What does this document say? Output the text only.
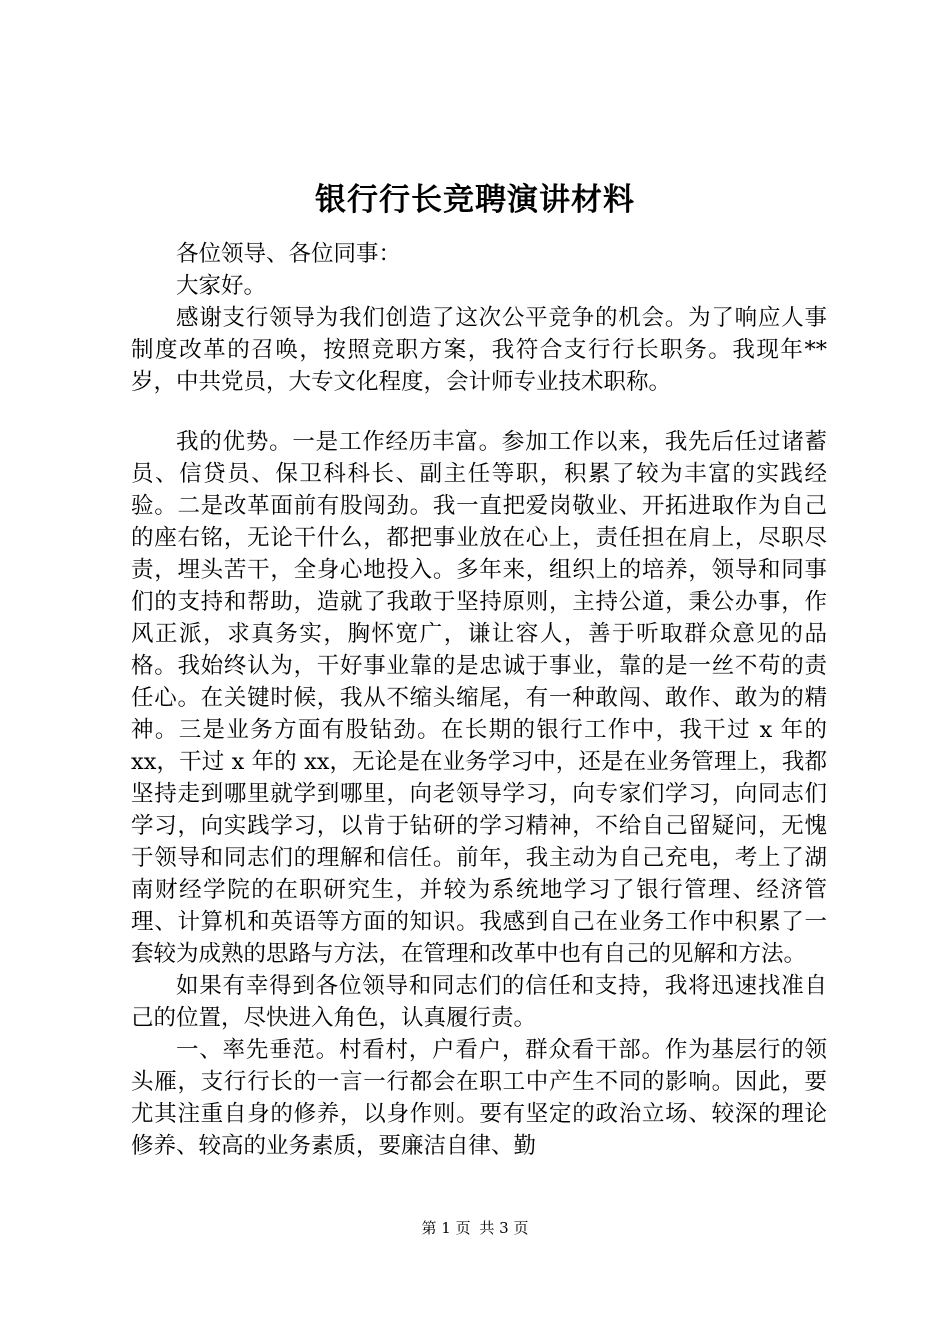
银行行长竞聘演讲材料

各位领导、各位同事：

大家好。

感谢支行领导为我们创造了这次公平竞争的机会。为了响应人事制度改革的召唤，按照竞职方案，我符合支行行长职务。我现年**岁，中共党员，大专文化程度，会计师专业技术职称。

我的优势。一是工作经历丰富。参加工作以来，我先后任过诸蓄员、信贷员、保卫科科长、副主任等职，积累了较为丰富的实践经验。二是改革面前有股闯劲。我一直把爱岗敬业、开拓进取作为自己的座右铭，无论干什么，都把事业放在心上，责任担在肩上，尽职尽责，埋头苦干，全身心地投入。多年来，组织上的培养，领导和同事们的支持和帮助，造就了我敢于坚持原则，主持公道，秉公办事，作风正派，求真务实，胸怀宽广，谦让容人，善于听取群众意见的品格。我始终认为，干好事业靠的是忠诚于事业，靠的是一丝不苟的责任心。在关键时候，我从不缩头缩尾，有一种敢闯、敢作、敢为的精神。三是业务方面有股钻劲。在长期的银行工作中，我干过 x 年的 xx，干过 x 年的 xx，无论是在业务学习中，还是在业务管理上，我都坚持走到哪里就学到哪里，向老领导学习，向专家们学习，向同志们学习，向实践学习，以肯于钻研的学习精神，不给自己留疑问，无愧于领导和同志们的理解和信任。前年，我主动为自己充电，考上了湖南财经学院的在职研究生，并较为系统地学习了银行管理、经济管理、计算机和英语等方面的知识。我感到自己在业务工作中积累了一套较为成熟的思路与方法，在管理和改革中也有自己的见解和方法。

如果有幸得到各位领导和同志们的信任和支持，我将迅速找准自己的位置，尽快进入角色，认真履行责。

一、率先垂范。村看村，户看户，群众看干部。作为基层行的领头雁，支行行长的一言一行都会在职工中产生不同的影响。因此，要尤其注重自身的修养，以身作则。要有坚定的政治立场、较深的理论修养、较高的业务素质，要廉洁自律、勤

第 1 页 共 3 页
